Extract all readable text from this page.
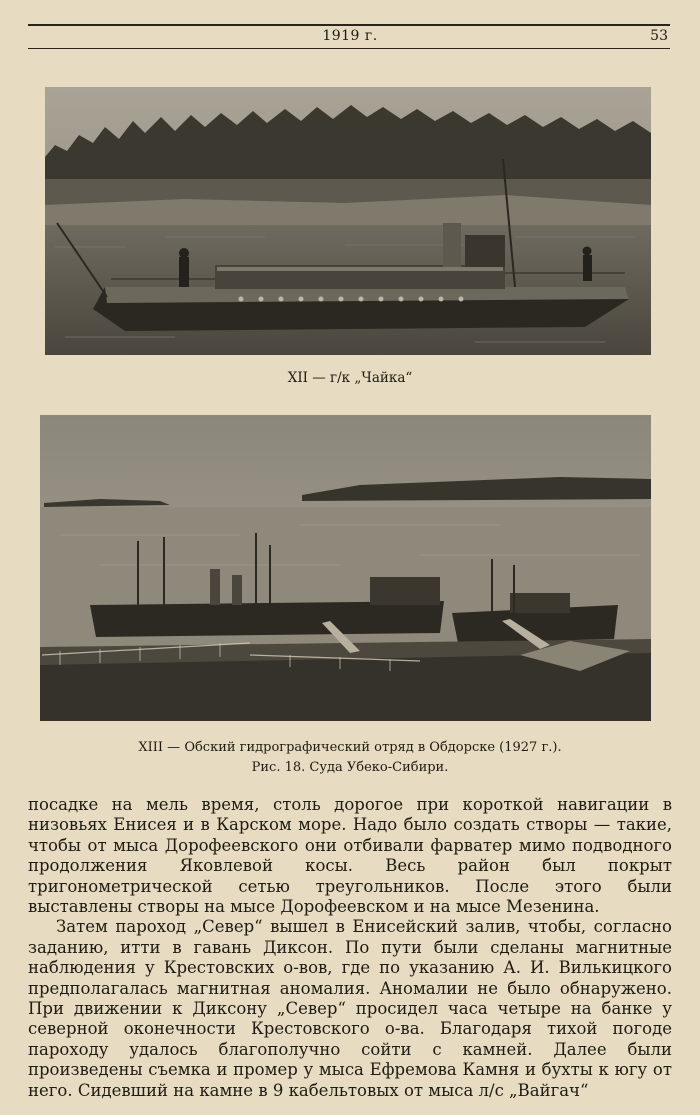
1919 г.	53
XII — г/к „Чайка“
XIII — Обский гидрографический отряд в Обдорске (1927 г.).
Рис. 18. Суда Убеко-Сибири.

посадке на мель время, столь дорогое при короткой навигации в низовьях Енисея и в Карском море. Надо было создать створы — такие, чтобы от мыса Дорофеевского они отбивали фарватер мимо подводного продолжения Яковлевой косы. Весь район был покрыт тригонометрической сетью треугольников. После этого были выставлены створы на мысе Дорофеевском и на мысе Мезенина.

Затем пароход „Север“ вышел в Енисейский залив, чтобы, согласно заданию, итти в гавань Диксон. По пути были сделаны магнитные наблюдения у Крестовских о-вов, где по указанию А. И. Вилькицкого предполагалась магнитная аномалия. Аномалии не было обнаружено. При движении к Диксону „Север“ просидел часа четыре на банке у северной оконечности Крестовского о-ва. Благодаря тихой погоде пароходу удалось благополучно сойти с камней. Далее были произведены съемка и промер у мыса Ефремова Камня и бухты к югу от него. Сидевший на камне в 9 кабельтовых от мыса л/с „Вайгач“
